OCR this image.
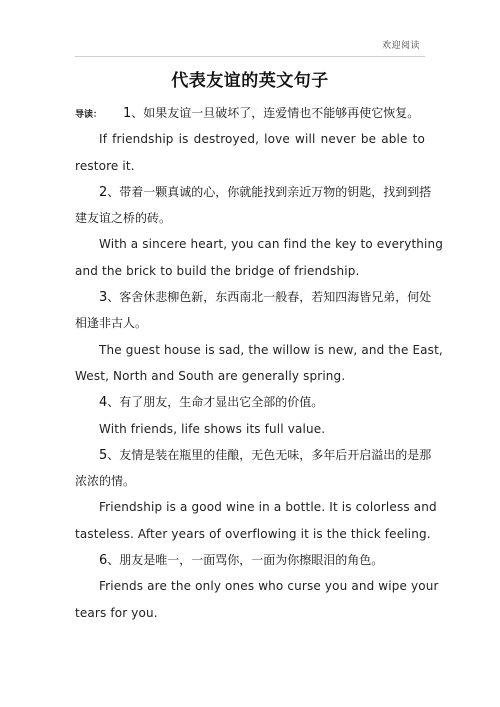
欢迎阅读
代表友谊的英文句子
导读： 1、如果友谊一旦破坏了，连爱情也不能够再使它恢复。
If friendship is destroyed, love will never be able to
restore it.
2、带着一颗真诚的心，你就能找到亲近万物的钥匙，找到到搭
建友谊之桥的砖。
With a sincere heart, you can find the key to everything
and the brick to build the bridge of friendship.
3、客舍休悲柳色新，东西南北一般春，若知四海皆兄弟，何处
相逢非古人。
The guest house is sad, the willow is new, and the East,
West, North and South are generally spring.
4、有了朋友，生命才显出它全部的价值。
With friends, life shows its full value.
5、友情是装在瓶里的佳酿，无色无味，多年后开启溢出的是那
浓浓的情。
Friendship is a good wine in a bottle. It is colorless and
tasteless. After years of overflowing it is the thick feeling.
6、朋友是唯一，一面骂你，一面为你擦眼泪的角色。
Friends are the only ones who curse you and wipe your
tears for you.
